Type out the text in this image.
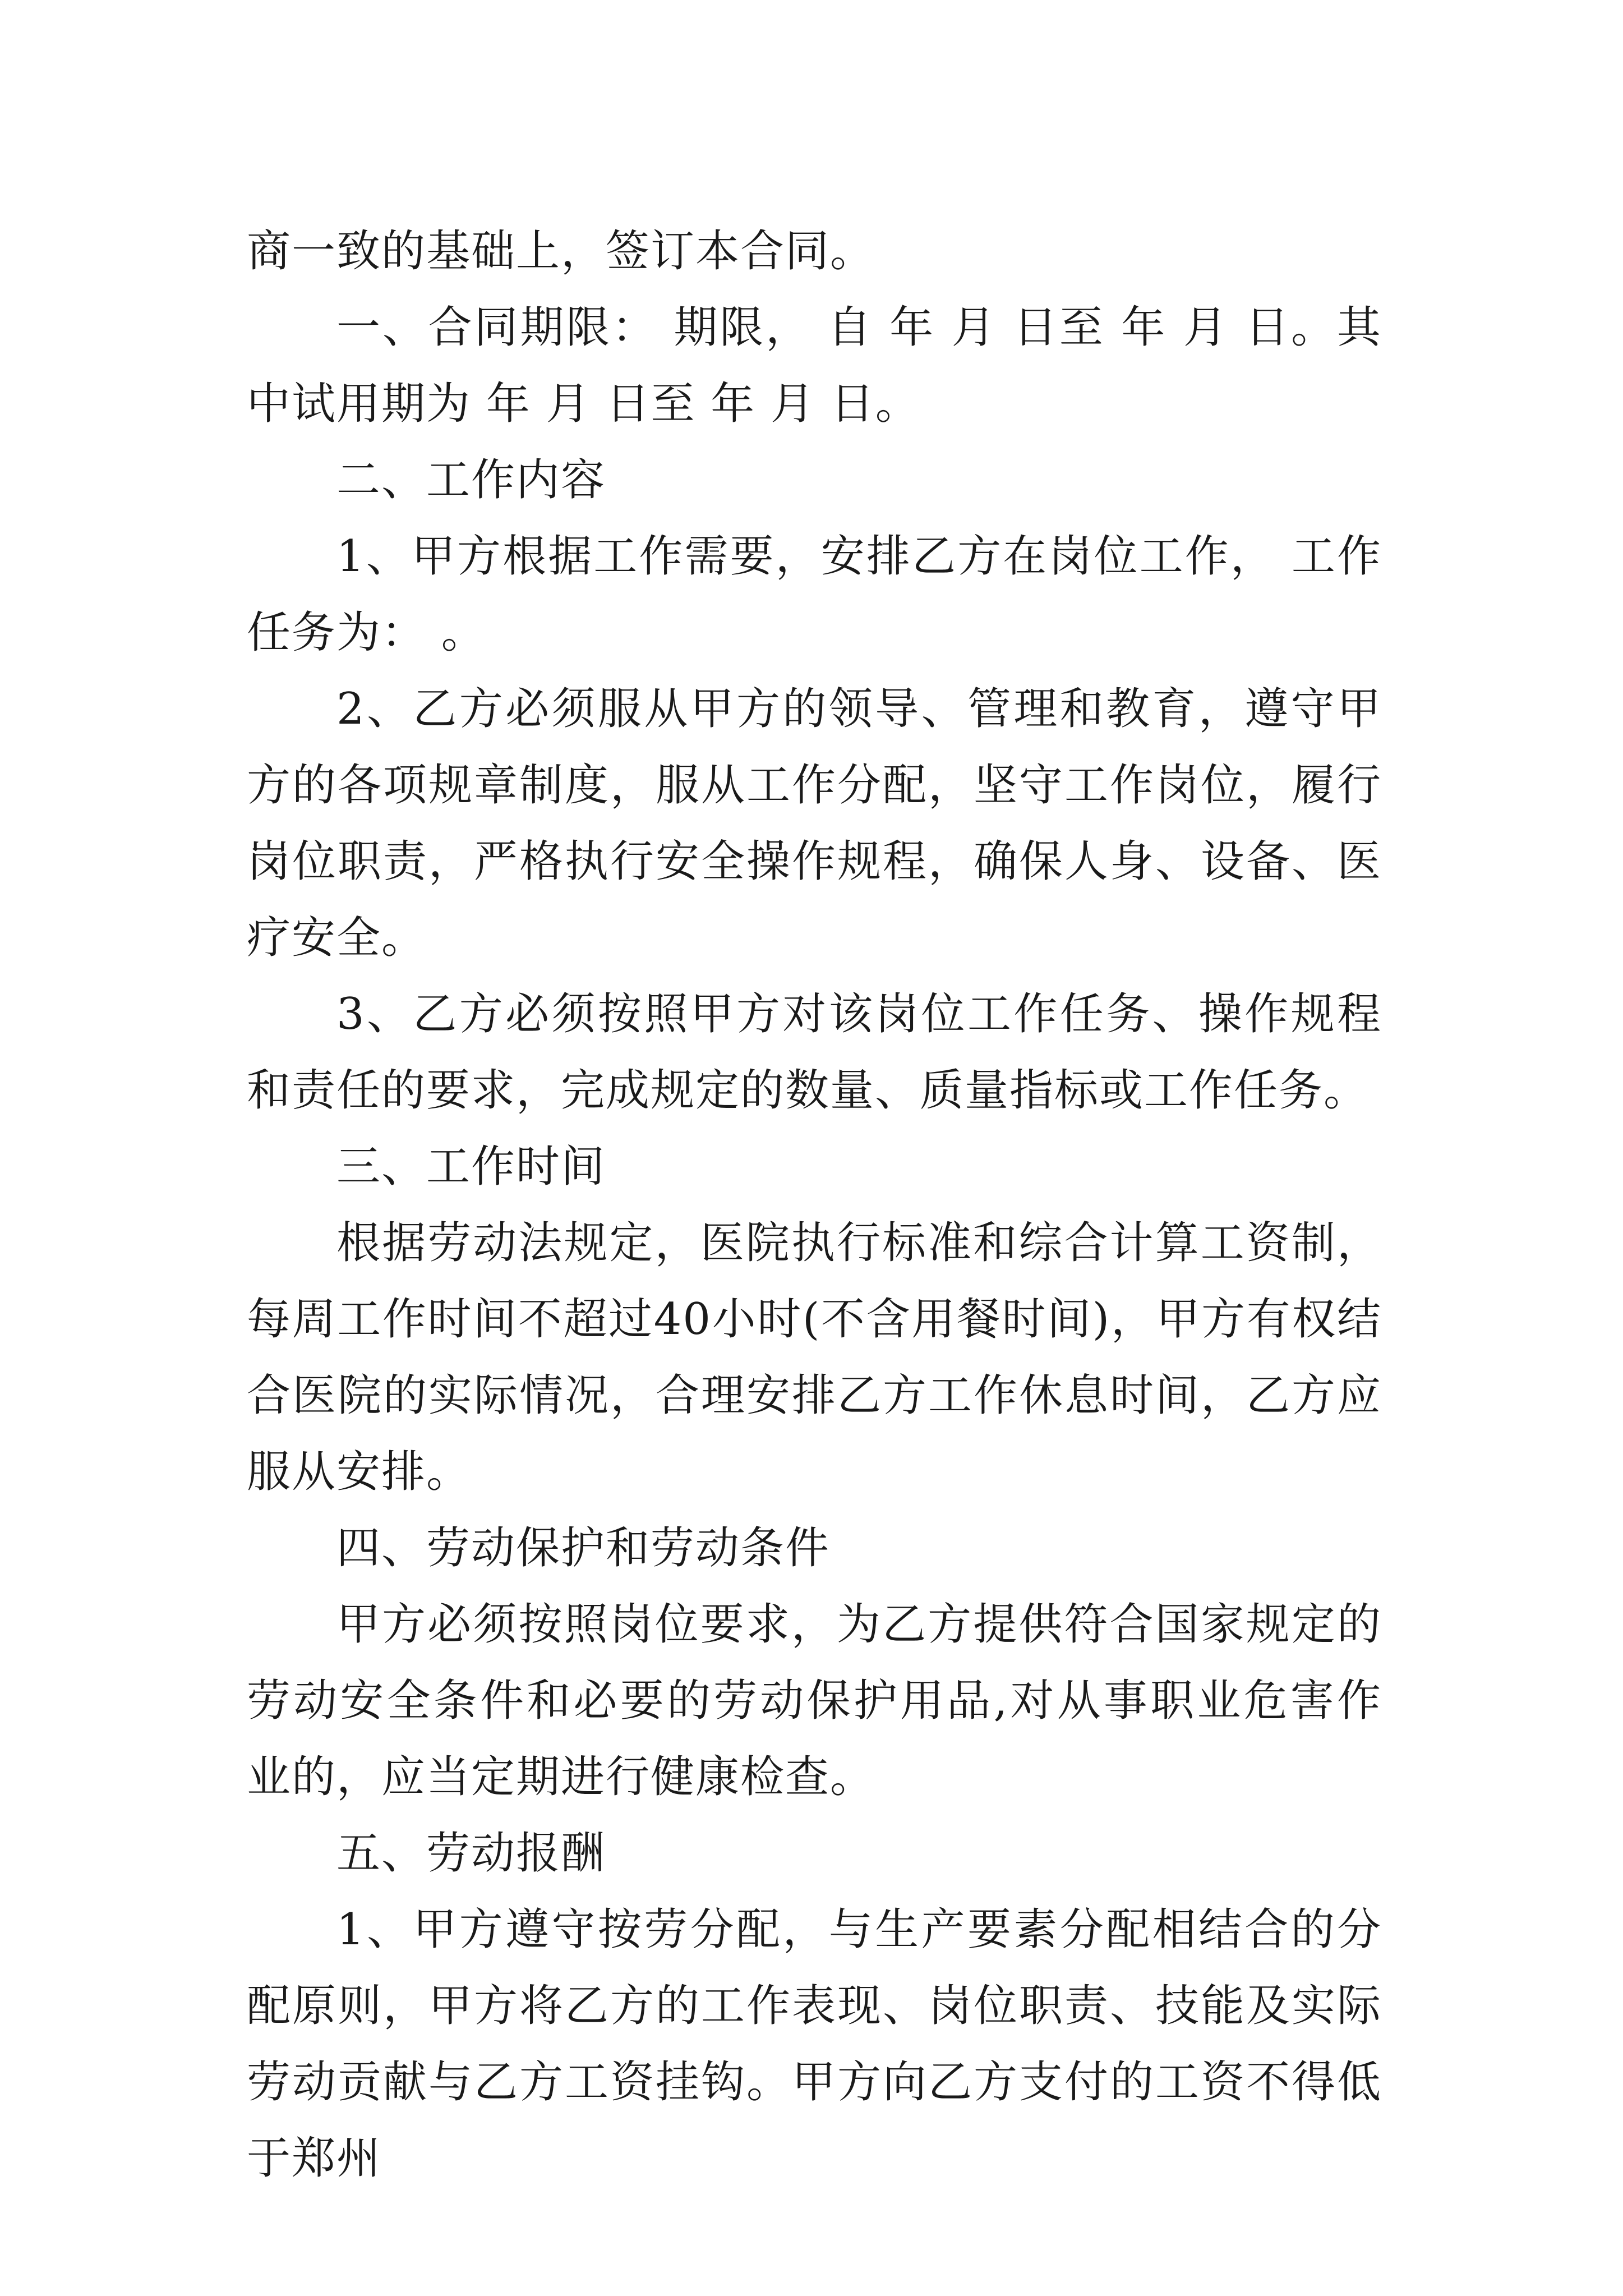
商一致的基础上，签订本合同。

一、合同期限： 期限， 自 年 月 日至 年 月 日。其中试用期为 年 月 日至 年 月 日。

二、工作内容

1、甲方根据工作需要，安排乙方在岗位工作， 工作任务为： 。

2、乙方必须服从甲方的领导、管理和教育，遵守甲方的各项规章制度，服从工作分配，坚守工作岗位，履行岗位职责，严格执行安全操作规程，确保人身、设备、医疗安全。

3、乙方必须按照甲方对该岗位工作任务、操作规程和责任的要求，完成规定的数量、质量指标或工作任务。

三、工作时间

根据劳动法规定，医院执行标准和综合计算工资制，每周工作时间不超过40小时(不含用餐时间)，甲方有权结合医院的实际情况，合理安排乙方工作休息时间，乙方应服从安排。

四、劳动保护和劳动条件

甲方必须按照岗位要求，为乙方提供符合国家规定的劳动安全条件和必要的劳动保护用品,对从事职业危害作业的，应当定期进行健康检查。

五、劳动报酬

1、甲方遵守按劳分配，与生产要素分配相结合的分配原则，甲方将乙方的工作表现、岗位职责、技能及实际劳动贡献与乙方工资挂钩。甲方向乙方支付的工资不得低于郑州
